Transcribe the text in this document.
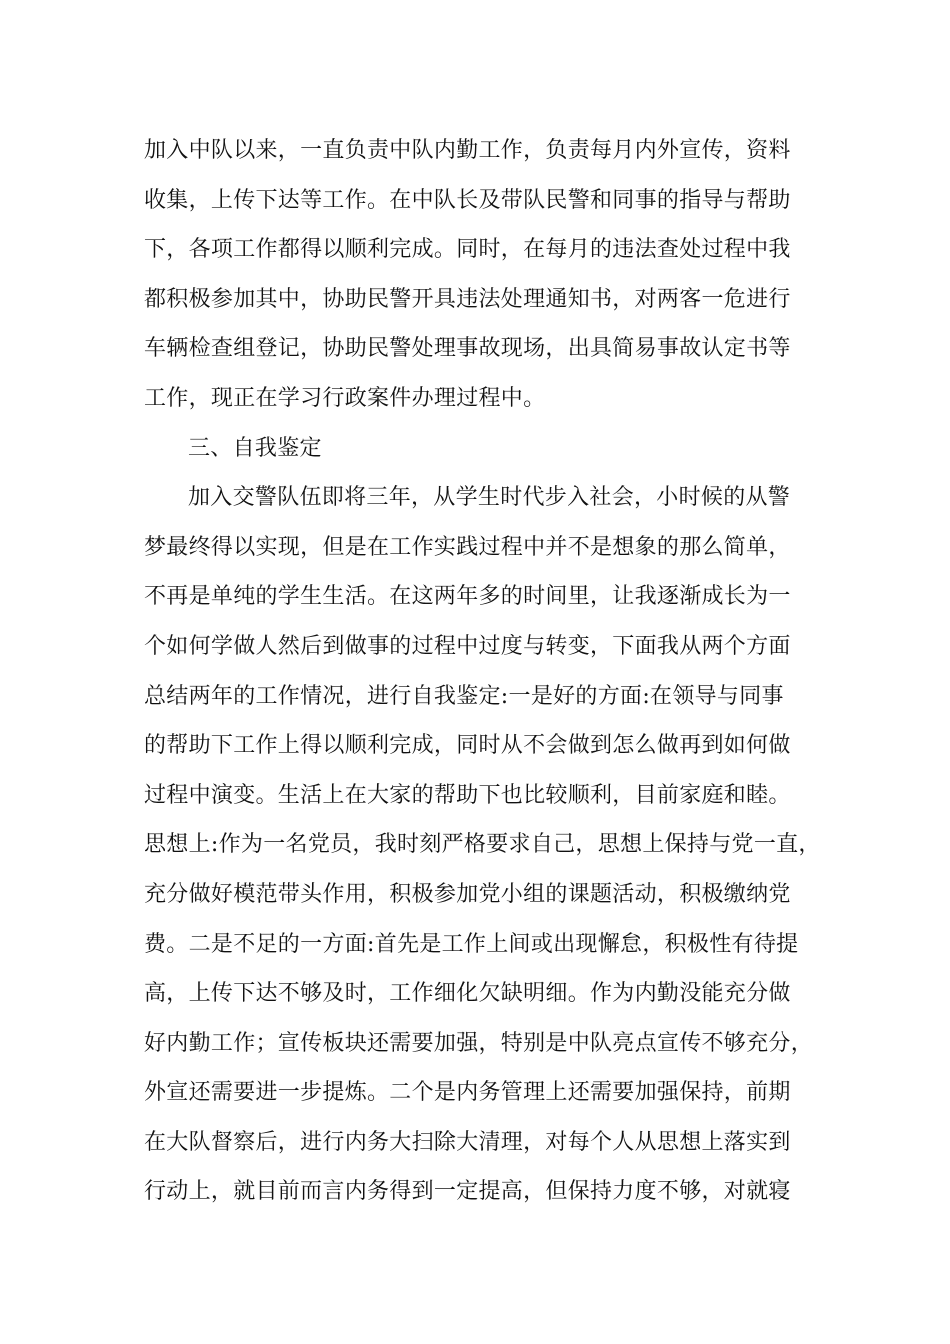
加入中队以来，一直负责中队内勤工作，负责每月内外宣传，资料
收集，上传下达等工作。在中队长及带队民警和同事的指导与帮助
下，各项工作都得以顺利完成。同时，在每月的违法查处过程中我
都积极参加其中，协助民警开具违法处理通知书，对两客一危进行
车辆检查组登记，协助民警处理事故现场，出具简易事故认定书等
工作，现正在学习行政案件办理过程中。
三、自我鉴定
加入交警队伍即将三年，从学生时代步入社会，小时候的从警
梦最终得以实现，但是在工作实践过程中并不是想象的那么简单，
不再是单纯的学生生活。在这两年多的时间里，让我逐渐成长为一
个如何学做人然后到做事的过程中过度与转变，下面我从两个方面
总结两年的工作情况，进行自我鉴定:一是好的方面:在领导与同事
的帮助下工作上得以顺利完成，同时从不会做到怎么做再到如何做
过程中演变。生活上在大家的帮助下也比较顺利，目前家庭和睦。
思想上:作为一名党员，我时刻严格要求自己，思想上保持与党一直，
充分做好模范带头作用，积极参加党小组的课题活动，积极缴纳党
费。二是不足的一方面:首先是工作上间或出现懈怠，积极性有待提
高，上传下达不够及时，工作细化欠缺明细。作为内勤没能充分做
好内勤工作；宣传板块还需要加强，特别是中队亮点宣传不够充分，
外宣还需要进一步提炼。二个是内务管理上还需要加强保持，前期
在大队督察后，进行内务大扫除大清理，对每个人从思想上落实到
行动上，就目前而言内务得到一定提高，但保持力度不够，对就寝
